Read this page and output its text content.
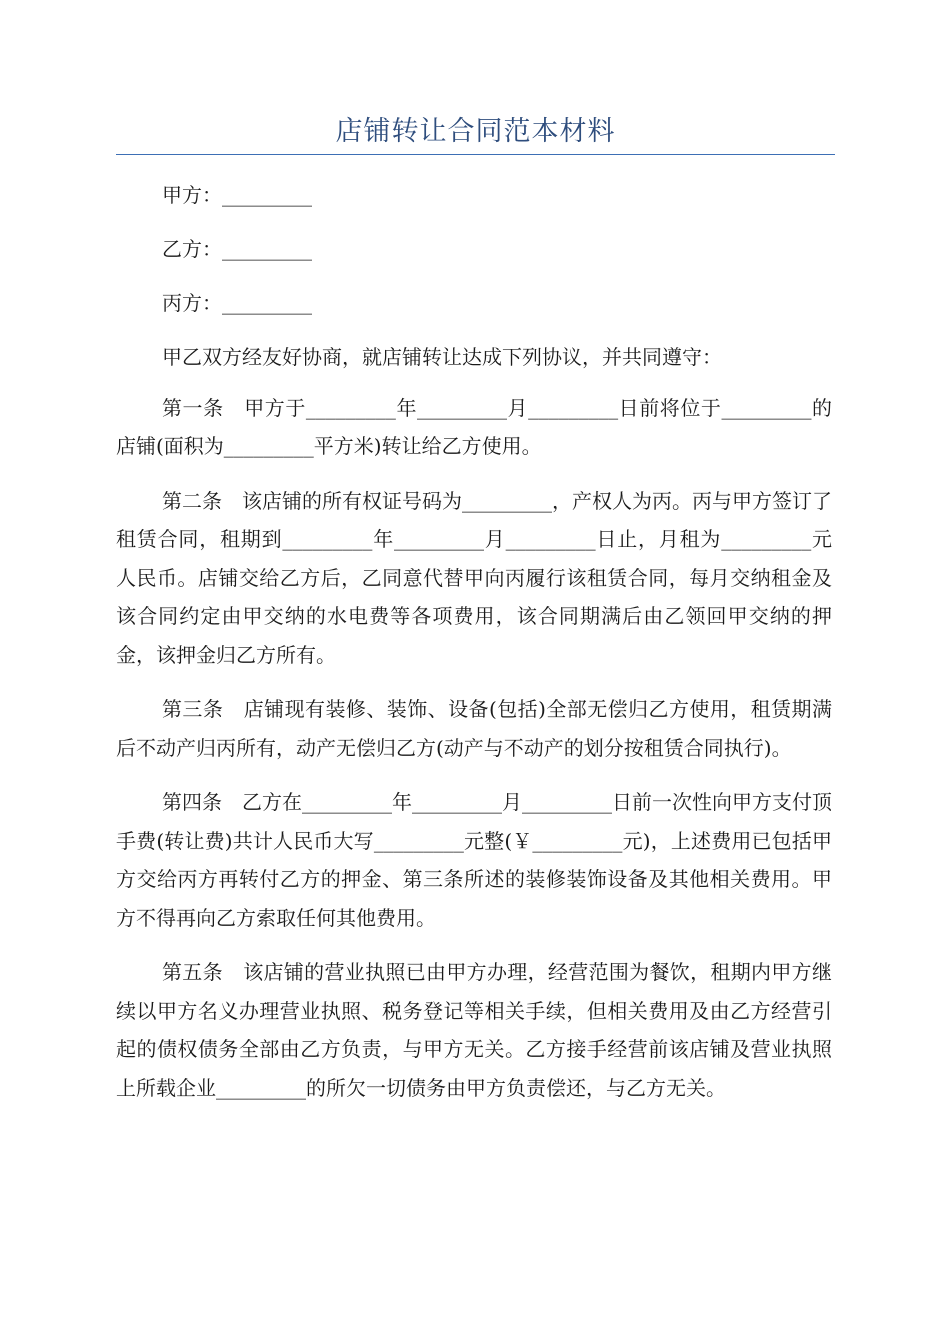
店铺转让合同范本材料

甲方：_________

乙方：_________

丙方：_________

甲乙双方经友好协商，就店铺转让达成下列协议，并共同遵守：

第一条　甲方于_________年_________月_________日前将位于_________的店铺(面积为_________平方米)转让给乙方使用。

第二条　该店铺的所有权证号码为_________，产权人为丙。丙与甲方签订了租赁合同，租期到_________年_________月_________日止，月租为_________元人民币。店铺交给乙方后，乙同意代替甲向丙履行该租赁合同，每月交纳租金及该合同约定由甲交纳的水电费等各项费用，该合同期满后由乙领回甲交纳的押金，该押金归乙方所有。

第三条　店铺现有装修、装饰、设备(包括)全部无偿归乙方使用，租赁期满后不动产归丙所有，动产无偿归乙方(动产与不动产的划分按租赁合同执行)。

第四条　乙方在_________年_________月_________日前一次性向甲方支付顶手费(转让费)共计人民币大写_________元整(￥_________元)，上述费用已包括甲方交给丙方再转付乙方的押金、第三条所述的装修装饰设备及其他相关费用。甲方不得再向乙方索取任何其他费用。

第五条　该店铺的营业执照已由甲方办理，经营范围为餐饮，租期内甲方继续以甲方名义办理营业执照、税务登记等相关手续，但相关费用及由乙方经营引起的债权债务全部由乙方负责，与甲方无关。乙方接手经营前该店铺及营业执照上所载企业_________的所欠一切债务由甲方负责偿还，与乙方无关。
